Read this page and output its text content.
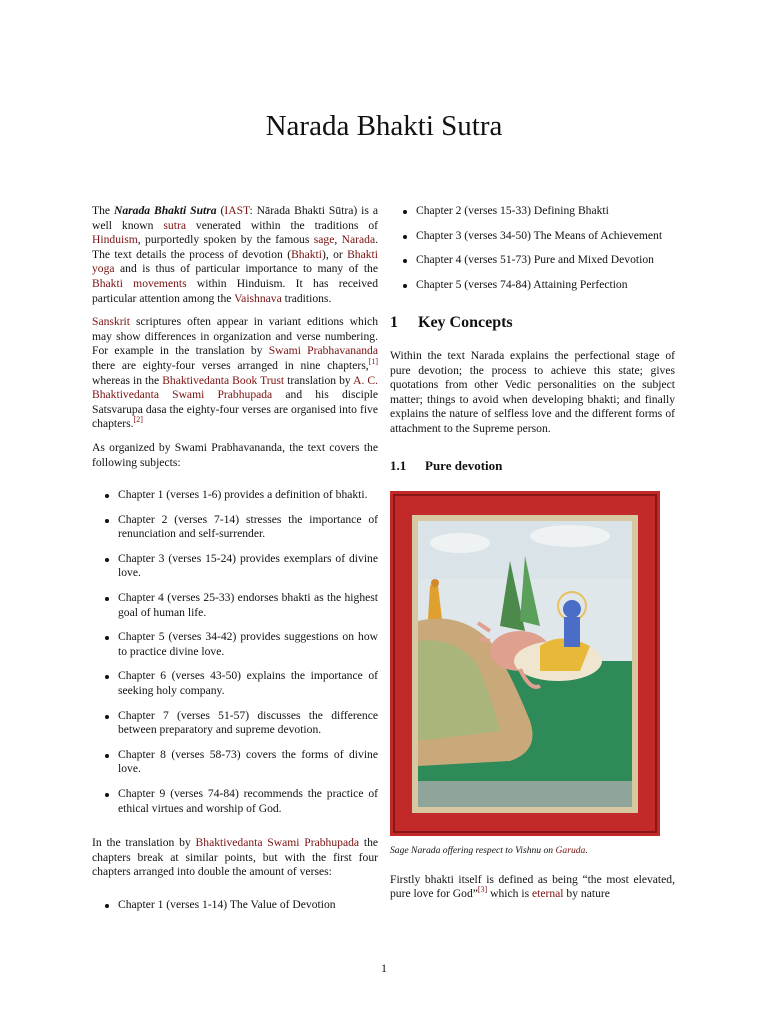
Narada Bhakti Sutra

The Narada Bhakti Sutra (IAST: Nārada Bhakti Sūtra) is a well known sutra venerated within the traditions of Hinduism, purportedly spoken by the famous sage, Narada. The text details the process of devotion (Bhakti), or Bhakti yoga and is thus of particular importance to many of the Bhakti movements within Hinduism. It has received particular attention among the Vaishnava traditions.

Sanskrit scriptures often appear in variant editions which may show differences in organization and verse numbering. For example in the translation by Swami Prabhavananda there are eighty-four verses arranged in nine chapters,[1] whereas in the Bhaktivedanta Book Trust translation by A. C. Bhaktivedanta Swami Prabhupada and his disciple Satsvarupa dasa the eighty-four verses are organised into five chapters.[2]

As organized by Swami Prabhavananda, the text covers the following subjects:

Chapter 1 (verses 1-6) provides a definition of bhakti.
Chapter 2 (verses 7-14) stresses the importance of renunciation and self-surrender.
Chapter 3 (verses 15-24) provides exemplars of divine love.
Chapter 4 (verses 25-33) endorses bhakti as the highest goal of human life.
Chapter 5 (verses 34-42) provides suggestions on how to practice divine love.
Chapter 6 (verses 43-50) explains the importance of seeking holy company.
Chapter 7 (verses 51-57) discusses the difference between preparatory and supreme devotion.
Chapter 8 (verses 58-73) covers the forms of divine love.
Chapter 9 (verses 74-84) recommends the practice of ethical virtues and worship of God.

In the translation by Bhaktivedanta Swami Prabhupada the chapters break at similar points, but with the first four chapters arranged into double the amount of verses:

Chapter 1 (verses 1-14) The Value of Devotion
Chapter 2 (verses 15-33) Defining Bhakti
Chapter 3 (verses 34-50) The Means of Achievement
Chapter 4 (verses 51-73) Pure and Mixed Devotion
Chapter 5 (verses 74-84) Attaining Perfection
1 Key Concepts

Within the text Narada explains the perfectional stage of pure devotion; the process to achieve this state; gives quotations from other Vedic personalities on the subject matter; things to avoid when developing bhakti; and finally explains the nature of selfless love and the different forms of attachment to the Supreme person.

1.1 Pure devotion
Sage Narada offering respect to Vishnu on Garuda.

Firstly bhakti itself is defined as being “the most elevated, pure love for God”[3] which is eternal by nature

1
